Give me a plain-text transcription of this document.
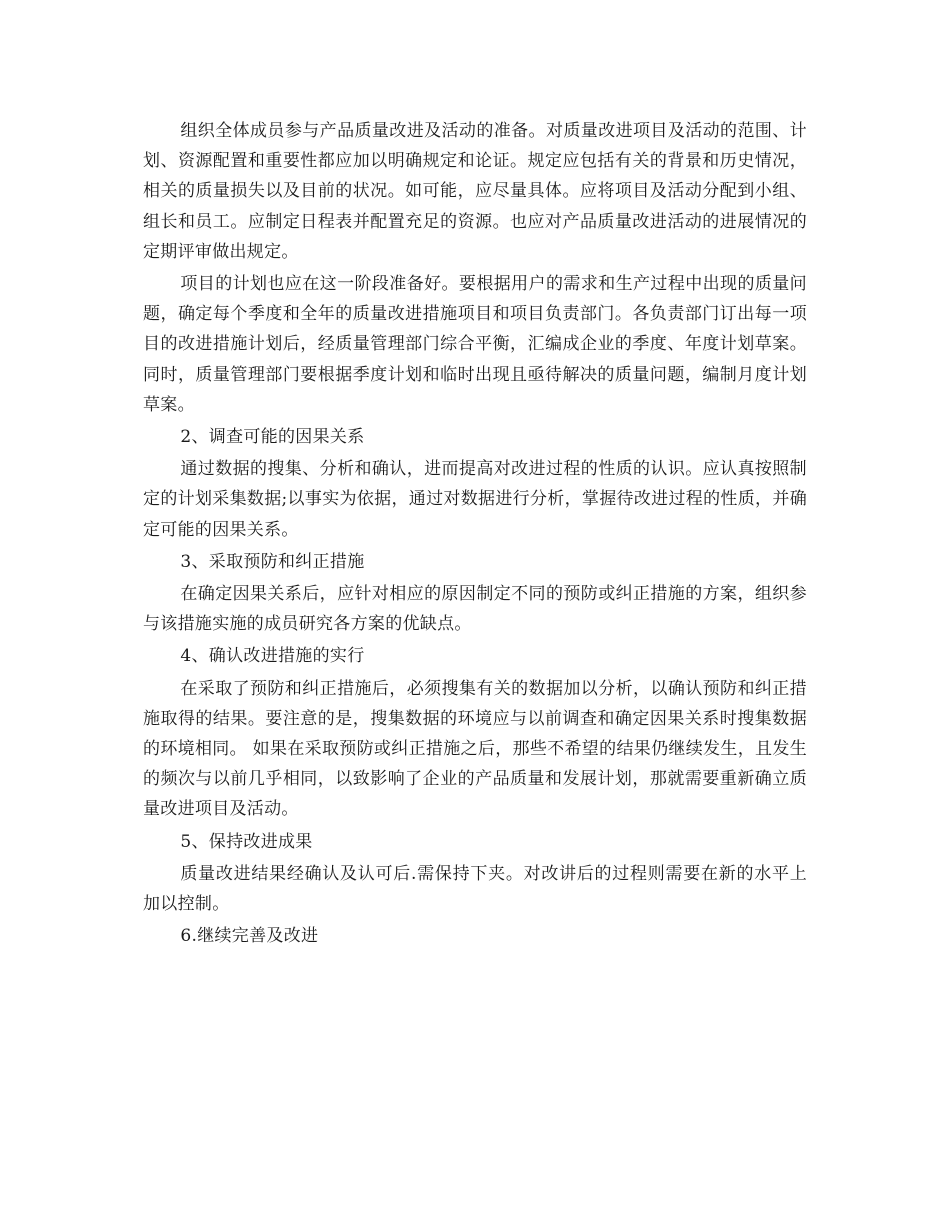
组织全体成员参与产品质量改进及活动的准备。对质量改进项目及活动的范围、计划、资源配置和重要性都应加以明确规定和论证。规定应包括有关的背景和历史情况，相关的质量损失以及目前的状况。如可能，应尽量具体。应将项目及活动分配到小组、组长和员工。应制定日程表并配置充足的资源。也应对产品质量改进活动的进展情况的定期评审做出规定。

项目的计划也应在这一阶段准备好。要根据用户的需求和生产过程中出现的质量问题，确定每个季度和全年的质量改进措施项目和项目负责部门。各负责部门订出每一项目的改进措施计划后，经质量管理部门综合平衡，汇编成企业的季度、年度计划草案。同时，质量管理部门要根据季度计划和临时出现且亟待解决的质量问题，编制月度计划草案。

2、调查可能的因果关系

通过数据的搜集、分析和确认，进而提高对改进过程的性质的认识。应认真按照制定的计划采集数据;以事实为依据，通过对数据进行分析，掌握待改进过程的性质，并确定可能的因果关系。

3、采取预防和纠正措施

在确定因果关系后，应针对相应的原因制定不同的预防或纠正措施的方案，组织参与该措施实施的成员研究各方案的优缺点。

4、确认改进措施的实行

在采取了预防和纠正措施后，必须搜集有关的数据加以分析，以确认预防和纠正措施取得的结果。要注意的是，搜集数据的环境应与以前调查和确定因果关系时搜集数据的环境相同。 如果在采取预防或纠正措施之后，那些不希望的结果仍继续发生，且发生的频次与以前几乎相同，以致影响了企业的产品质量和发展计划，那就需要重新确立质量改进项目及活动。

5、保持改进成果

质量改进结果经确认及认可后.需保持下夹。对改讲后的过程则需要在新的水平上加以控制。

6.继续完善及改进
